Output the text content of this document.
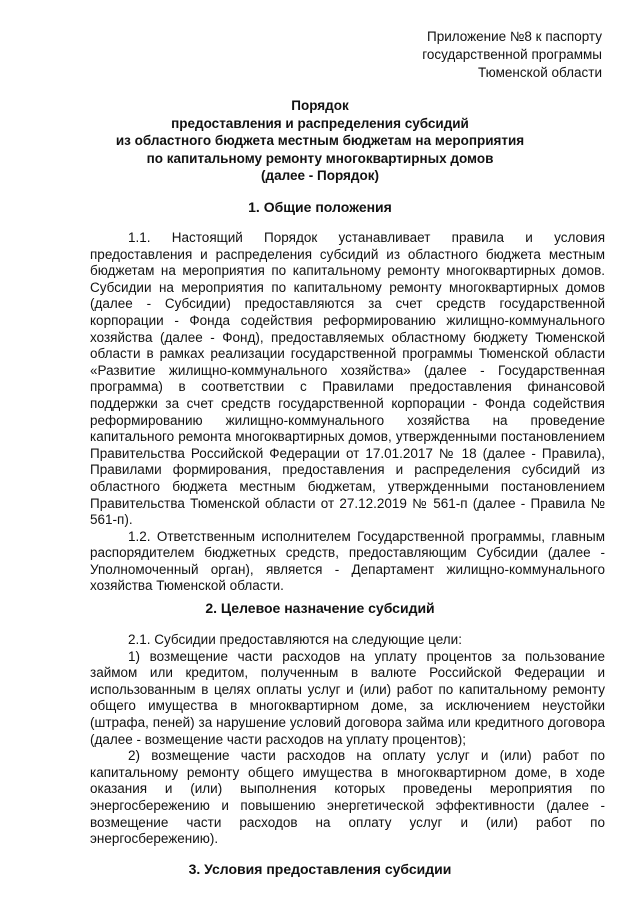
Приложение №8 к паспорту
государственной программы
Тюменской области
Порядок
предоставления и распределения субсидий
из областного бюджета местным бюджетам на мероприятия
по капитальному ремонту многоквартирных домов
(далее - Порядок)
1. Общие положения

1.1. Настоящий Порядок устанавливает правила и условия предоставления и распределения субсидий из областного бюджета местным бюджетам на мероприятия по капитальному ремонту многоквартирных домов. Субсидии на мероприятия по капитальному ремонту многоквартирных домов (далее - Субсидии) предоставляются за счет средств государственной корпорации - Фонда содействия реформированию жилищно-коммунального хозяйства (далее - Фонд), предоставляемых областному бюджету Тюменской области в рамках реализации государственной программы Тюменской области «Развитие жилищно-коммунального хозяйства» (далее - Государственная программа) в соответствии с Правилами предоставления финансовой поддержки за счет средств государственной корпорации - Фонда содействия реформированию жилищно-коммунального хозяйства на проведение капитального ремонта многоквартирных домов, утвержденными постановлением Правительства Российской Федерации от 17.01.2017 № 18 (далее - Правила), Правилами формирования, предоставления и распределения субсидий из областного бюджета местным бюджетам, утвержденными постановлением Правительства Тюменской области от 27.12.2019 № 561-п (далее - Правила № 561-п).

1.2. Ответственным исполнителем Государственной программы, главным распорядителем бюджетных средств, предоставляющим Субсидии (далее - Уполномоченный орган), является - Департамент жилищно-коммунального хозяйства Тюменской области.

2. Целевое назначение субсидий

2.1. Субсидии предоставляются на следующие цели:

1) возмещение части расходов на уплату процентов за пользование займом или кредитом, полученным в валюте Российской Федерации и использованным в целях оплаты услуг и (или) работ по капитальному ремонту общего имущества в многоквартирном доме, за исключением неустойки (штрафа, пеней) за нарушение условий договора займа или кредитного договора (далее - возмещение части расходов на уплату процентов);

2) возмещение части расходов на оплату услуг и (или) работ по капитальному ремонту общего имущества в многоквартирном доме, в ходе оказания и (или) выполнения которых проведены мероприятия по энергосбережению и повышению энергетической эффективности (далее - возмещение части расходов на оплату услуг и (или) работ по энергосбережению).

3. Условия предоставления субсидии
